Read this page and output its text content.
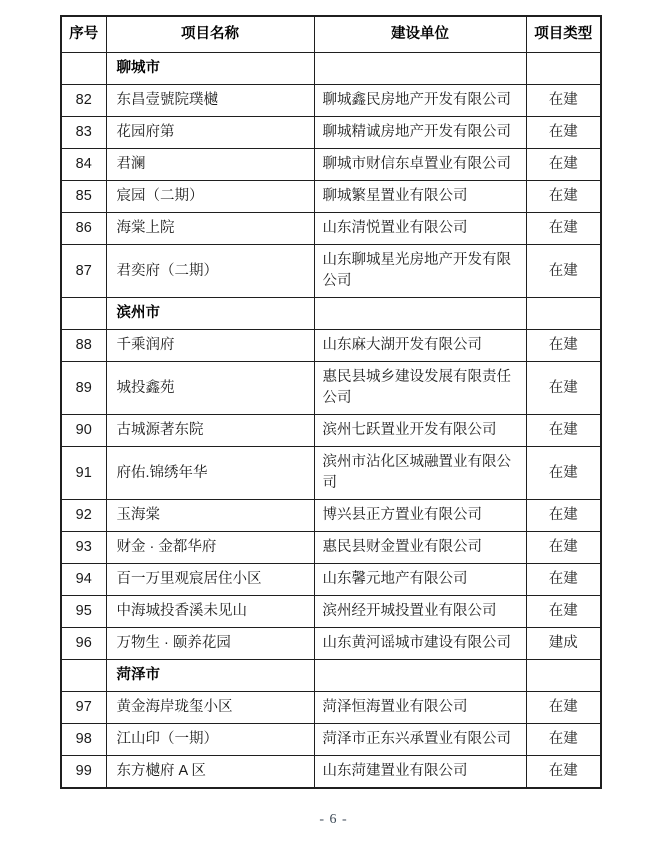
序号	项目名称	建设单位	项目类型
	聊城市		
82	东昌壹號院璞樾	聊城鑫民房地产开发有限公司	在建
83	花园府第	聊城精诚房地产开发有限公司	在建
84	君澜	聊城市财信东卓置业有限公司	在建
85	宸园（二期）	聊城繁星置业有限公司	在建
86	海棠上院	山东清悦置业有限公司	在建
87	君奕府（二期）	山东聊城星光房地产开发有限公司	在建
	滨州市		
88	千乘润府	山东麻大湖开发有限公司	在建
89	城投鑫苑	惠民县城乡建设发展有限责任公司	在建
90	古城源著东院	滨州七跃置业开发有限公司	在建
91	府佑.锦绣年华	滨州市沾化区城融置业有限公司	在建
92	玉海棠	博兴县正方置业有限公司	在建
93	财金 · 金都华府	惠民县财金置业有限公司	在建
94	百一万里观宸居住小区	山东馨元地产有限公司	在建
95	中海城投香溪未见山	滨州经开城投置业有限公司	在建
96	万物生 · 颐养花园	山东黄河谣城市建设有限公司	建成
	菏泽市		
97	黄金海岸珑玺小区	菏泽恒海置业有限公司	在建
98	江山印（一期）	菏泽市正东兴承置业有限公司	在建
99	东方樾府 A 区	山东菏建置业有限公司	在建
- 6 -
